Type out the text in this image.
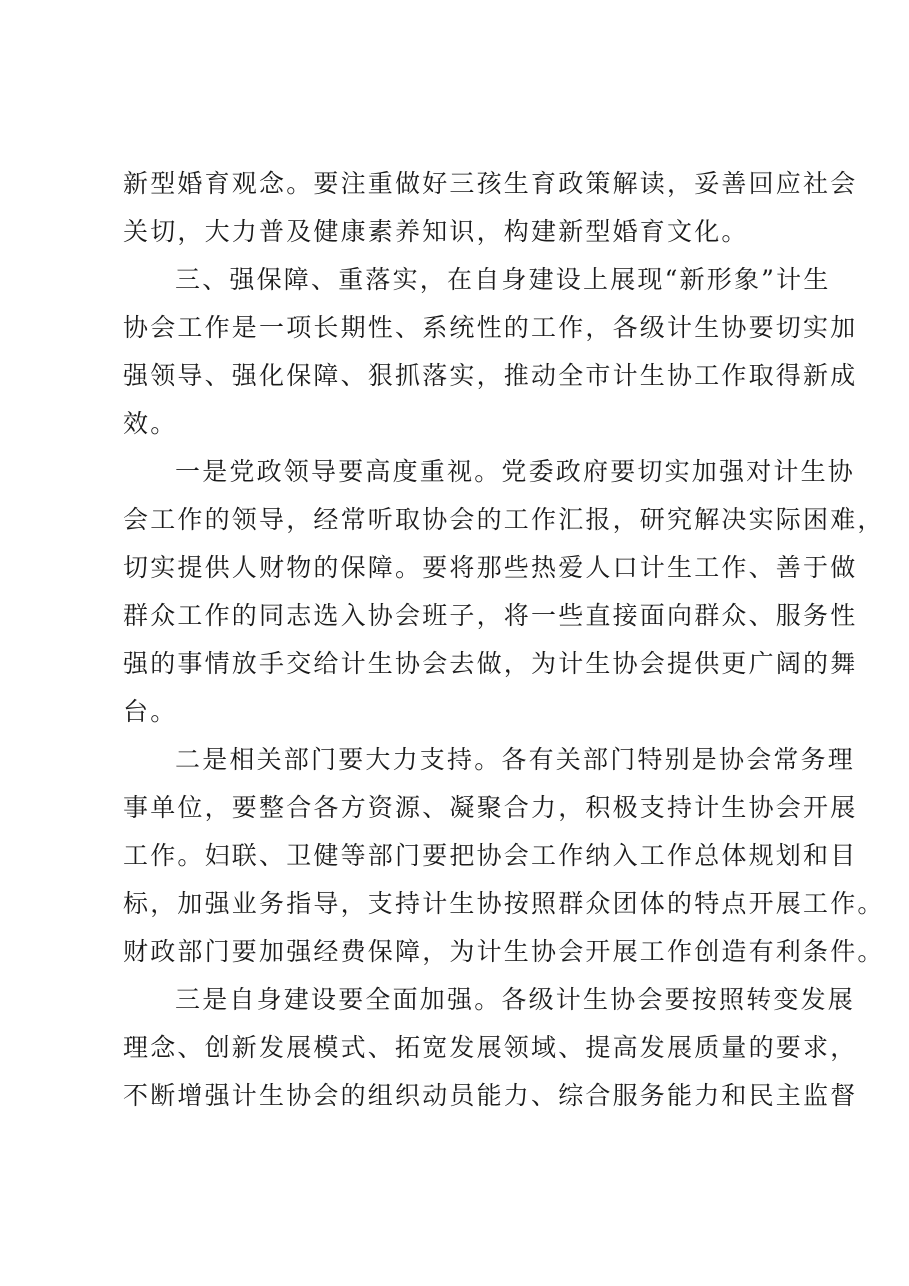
新型婚育观念。要注重做好三孩生育政策解读，妥善回应社会
关切，大力普及健康素养知识，构建新型婚育文化。
三、强保障、重落实，在自身建设上展现“新形象”计生
协会工作是一项长期性、系统性的工作，各级计生协要切实加
强领导、强化保障、狠抓落实，推动全市计生协工作取得新成
效。
一是党政领导要高度重视。党委政府要切实加强对计生协
会工作的领导，经常听取协会的工作汇报，研究解决实际困难，
切实提供人财物的保障。要将那些热爱人口计生工作、善于做
群众工作的同志选入协会班子，将一些直接面向群众、服务性
强的事情放手交给计生协会去做，为计生协会提供更广阔的舞
台。
二是相关部门要大力支持。各有关部门特别是协会常务理
事单位，要整合各方资源、凝聚合力，积极支持计生协会开展
工作。妇联、卫健等部门要把协会工作纳入工作总体规划和目
标，加强业务指导，支持计生协按照群众团体的特点开展工作。
财政部门要加强经费保障，为计生协会开展工作创造有利条件。
三是自身建设要全面加强。各级计生协会要按照转变发展
理念、创新发展模式、拓宽发展领域、提高发展质量的要求，
不断增强计生协会的组织动员能力、综合服务能力和民主监督
